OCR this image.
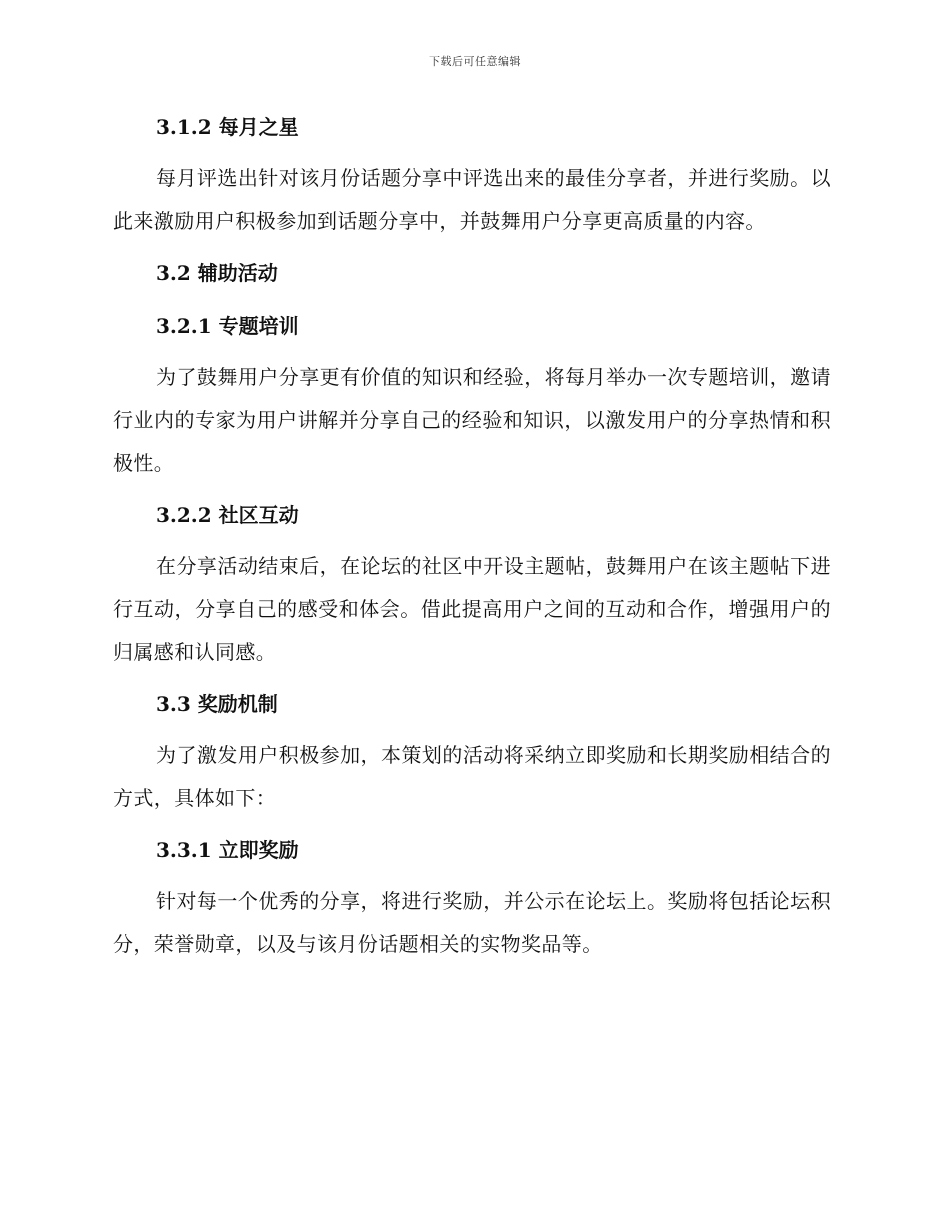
下载后可任意编辑
3.1.2 每月之星

每月评选出针对该月份话题分享中评选出来的最佳分享者，并进行奖励。以此来激励用户积极参加到话题分享中，并鼓舞用户分享更高质量的内容。

3.2 辅助活动
3.2.1 专题培训

为了鼓舞用户分享更有价值的知识和经验，将每月举办一次专题培训，邀请行业内的专家为用户讲解并分享自己的经验和知识，以激发用户的分享热情和积极性。

3.2.2 社区互动

在分享活动结束后，在论坛的社区中开设主题帖，鼓舞用户在该主题帖下进行互动，分享自己的感受和体会。借此提高用户之间的互动和合作，增强用户的归属感和认同感。

3.3 奖励机制

为了激发用户积极参加，本策划的活动将采纳立即奖励和长期奖励相结合的方式，具体如下：

3.3.1 立即奖励

针对每一个优秀的分享，将进行奖励，并公示在论坛上。奖励将包括论坛积分，荣誉勋章，以及与该月份话题相关的实物奖品等。
